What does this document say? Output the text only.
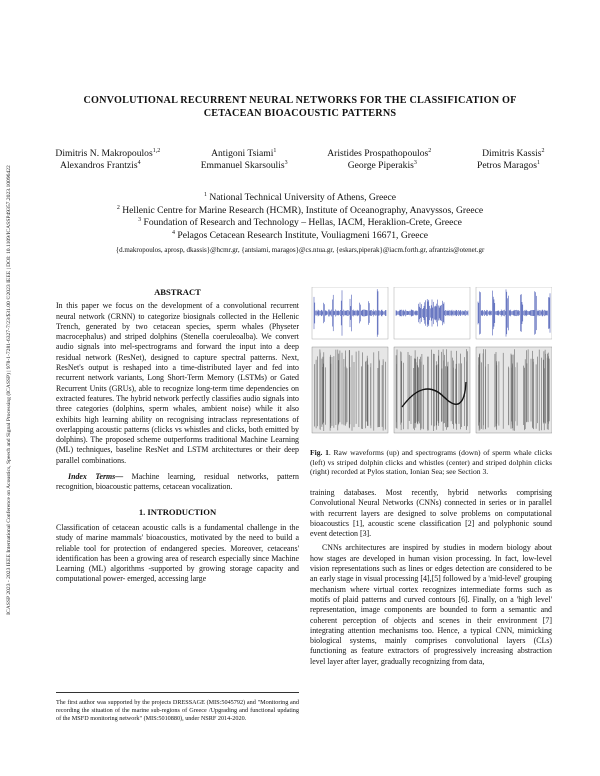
ICASSP 2023 - 2023 IEEE International Conference on Acoustics, Speech and Signal Processing (ICASSP) | 978-1-7281-6327-7/23/$31.00 ©2023 IEEE | DOI: 10.1109/ICASSP49357.2023.10096422
CONVOLUTIONAL RECURRENT NEURAL NETWORKS FOR THE CLASSIFICATION OF
CETACEAN BIOACOUSTIC PATTERNS
Dimitris N. Makropoulos$^{1,2}$	Antigoni Tsiami$^1$	Aristides Prospathopoulos$^2$	Dimitris Kassis$^2$
Alexandros Frantzis$^4$	Emmanuel Skarsoulis$^3$	George Piperakis$^3$	Petros Maragos$^1$
$^1$ National Technical University of Athens, Greece
$^2$ Hellenic Centre for Marine Research (HCMR), Institute of Oceanography, Anavyssos, Greece
$^3$ Foundation of Research and Technology – Hellas, IACM, Heraklion-Crete, Greece
$^4$ Pelagos Cetacean Research Institute, Vouliagmeni 16671, Greece
{d.makropoulos, aprosp, dkassis}@hcmr.gr, {antsiami, maragos}@cs.ntua.gr, {eskars,piperak}@iacm.forth.gr, afrantzis@otenet.gr
ABSTRACT

In this paper we focus on the development of a convolutional recurrent neural network (CRNN) to categorize biosignals collected in the Hellenic Trench, generated by two cetacean species, sperm whales (Physeter macrocephalus) and striped dolphins (Stenella coeruleoalba). We convert audio signals into mel-spectrograms and forward the input into a deep residual network (ResNet), designed to capture spectral patterns. Next, ResNet's output is reshaped into a time-distributed layer and fed into recurrent network variants, Long Short-Term Memory (LSTMs) or Gated Recurrent Units (GRUs), able to recognize long-term time dependencies on extracted features. The hybrid network perfectly classifies audio signals into three categories (dolphins, sperm whales, ambient noise) while it also exhibits high learning ability on recognising intraclass representations of overlapping acoustic patterns (clicks vs whistles and clicks, both emitted by dolphins). The proposed scheme outperforms traditional Machine Learning (ML) techniques, baseline ResNet and LSTM architectures or their deep parallel combinations.

Index Terms— Machine learning, residual networks, pattern recognition, bioacoustic patterns, cetacean vocalization.

1. INTRODUCTION

Classification of cetacean acoustic calls is a fundamental challenge in the study of marine mammals' bioacoustics, motivated by the need to build a reliable tool for protection of endangered species. Moreover, cetaceans' identification has been a growing area of research especially since Machine Learning (ML) algorithms -supported by growing storage capacity and computational power- emerged, accessing large

The first author was supported by the projects DRESSAGE (MIS:5045792) and "Monitoring and recording the situation of the marine sub-regions of Greece /Upgrading and functional updating of the MSFD monitoring network" (MIS:5010880), under NSRF 2014-2020.
Fig. 1. Raw waveforms (up) and spectrograms (down) of sperm whale clicks (left) vs striped dolphin clicks and whistles (center) and striped dolphin clicks (right) recorded at Pylos station, Ionian Sea; see Section 3.

training databases. Most recently, hybrid networks comprising Convolutional Neural Networks (CNNs) connected in series or in parallel with recurrent layers are designed to solve problems on computational bioacoustics [1], acoustic scene classification [2] and polyphonic sound event detection [3].

CNNs architectures are inspired by studies in modern biology about how stages are developed in human vision processing. In fact, low-level vision representations such as lines or edges detection are considered to be an early stage in visual processing [4],[5] followed by a 'mid-level' grouping mechanism where virtual cortex recognizes intermediate forms such as motifs of plaid patterns and curved contours [6]. Finally, on a 'high level' representation, image components are bounded to form a semantic and coherent perception of objects and scenes in their environment [7] integrating attention mechanisms too. Hence, a typical CNN, mimicking biological systems, mainly comprises convolutional layers (CLs) functioning as feature extractors of progressively increasing abstraction level layer after layer, gradually recognizing from data,
